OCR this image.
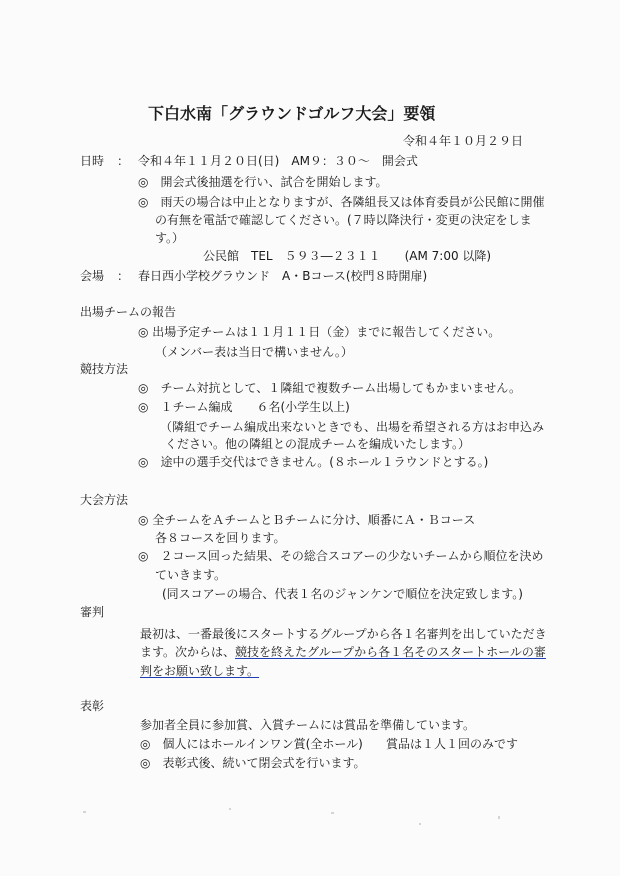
下白水南「グラウンドゴルフ大会」要領
令和４年１０月２９日
日時 ： 令和４年１１月２０日(日)　AM９：３０～　開会式
◎　開会式後抽選を行い、試合を開始します。
◎　雨天の場合は中止となりますが、各隣組長又は体育委員が公民館に開催
の有無を電話で確認してください。(７時以降決行・変更の決定をしま
す。）
公民館　TEL　５９３―２３１１　　(AM 7:00 以降)
会場 ： 春日西小学校グラウンド　A・Bコース(校門８時開扉)
出場チームの報告
◎ 出場予定チームは１１月１１日（金）までに報告してください。
（メンバー表は当日で構いません。）
競技方法
◎　チーム対抗として、１隣組で複数チーム出場してもかまいません。
◎　１チーム編成　　６名(小学生以上)
（隣組でチーム編成出来ないときでも、出場を希望される方はお申込み
ください。他の隣組との混成チームを編成いたします。）
◎　途中の選手交代はできません。(８ホール１ラウンドとする。)
大会方法
◎ 全チームをＡチームとＢチームに分け、順番にＡ・Ｂコース
各８コースを回ります。
◎　２コース回った結果、その総合スコアーの少ないチームから順位を決め
ていきます。
(同スコアーの場合、代表１名のジャンケンで順位を決定致します。)
審判
最初は、一番最後にスタートするグループから各１名審判を出していただき
ます。次からは、競技を終えたグループから各１名そのスタートホールの審
判をお願い致します。
表彰
参加者全員に参加賞、入賞チームには賞品を準備しています。
◎　個人にはホールインワン賞(全ホール) 賞品は１人１回のみです
◎　表彰式後、続いて閉会式を行います。
